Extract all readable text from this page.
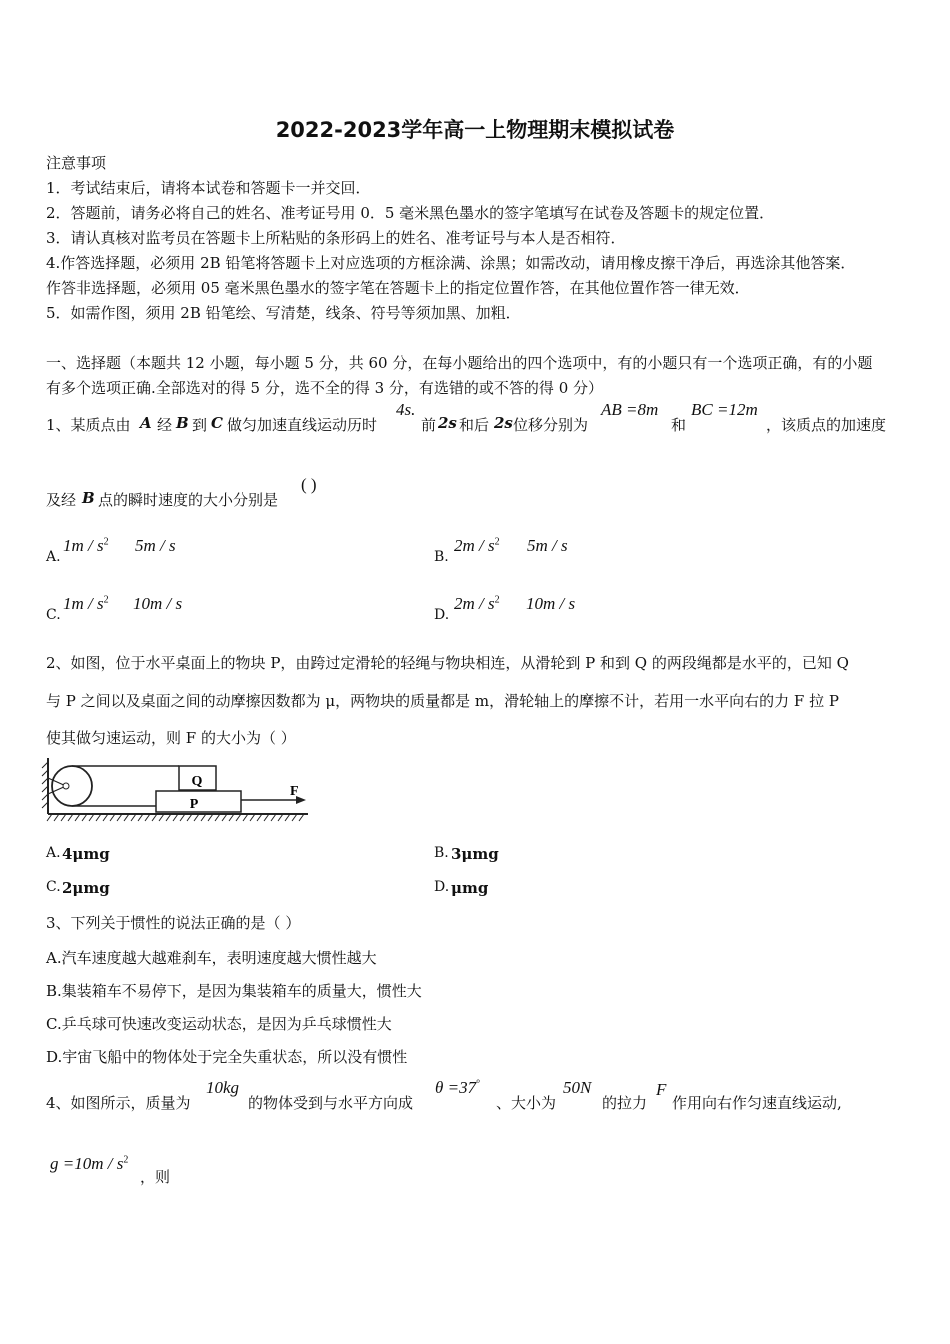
2022-2023学年高一上物理期末模拟试卷
注意事项
1．考试结束后，请将本试卷和答题卡一并交回．
2．答题前，请务必将自己的姓名、准考证号用 0．5 毫米黑色墨水的签字笔填写在试卷及答题卡的规定位置．
3．请认真核对监考员在答题卡上所粘贴的条形码上的姓名、准考证号与本人是否相符．
4.作答选择题，必须用 2B 铅笔将答题卡上对应选项的方框涂满、涂黑；如需改动，请用橡皮擦干净后，再选涂其他答案．
作答非选择题，必须用 05 毫米黑色墨水的签字笔在答题卡上的指定位置作答，在其他位置作答一律无效．
5．如需作图，须用 2B 铅笔绘、写清楚，线条、符号等须加黑、加粗．
一、选择题（本题共 12 小题，每小题 5 分，共 60 分，在每小题给出的四个选项中，有的小题只有一个选项正确，有的小题
有多个选项正确.全部选对的得 5 分，选不全的得 3 分，有选错的或不答的得 0 分）
1、某质点由 A 经 B 到 C 做匀加速直线运动历时
4s.
前 2s 和后 2s 位移分别为
AB =8m
和
BC =12m
，该质点的加速度
及经 B 点的瞬时速度的大小分别是
( )
A.
$1m / s^2$ 5m / s
B.
$2m / s^2$ 5m / s
C.
$1m / s^2$ 10m / s
D.
$2m / s^2$ 10m / s
2、如图，位于水平桌面上的物块 P，由跨过定滑轮的轻绳与物块相连，从滑轮到 P 和到 Q 的两段绳都是水平的，已知 Q
与 P 之间以及桌面之间的动摩擦因数都为 μ，两物块的质量都是 m，滑轮轴上的摩擦不计，若用一水平向右的力 F 拉 P
使其做匀速运动，则 F 的大小为（ ）
Q
P
F
A. 4μmg	B. 3μmg
C. 2μmg	D. μmg
3、下列关于惯性的说法正确的是（ ）
A.汽车速度越大越难刹车，表明速度越大惯性越大
B.集装箱车不易停下，是因为集装箱车的质量大，惯性大
C.乒乓球可快速改变运动状态，是因为乒乓球惯性大
D.宇宙飞船中的物体处于完全失重状态，所以没有惯性
4、如图所示，质量为
10kg
的物体受到与水平方向成
θ =37°
、大小为
50N
的拉力
F
作用向右作匀速直线运动,
$g =10m / s^2$
，则
